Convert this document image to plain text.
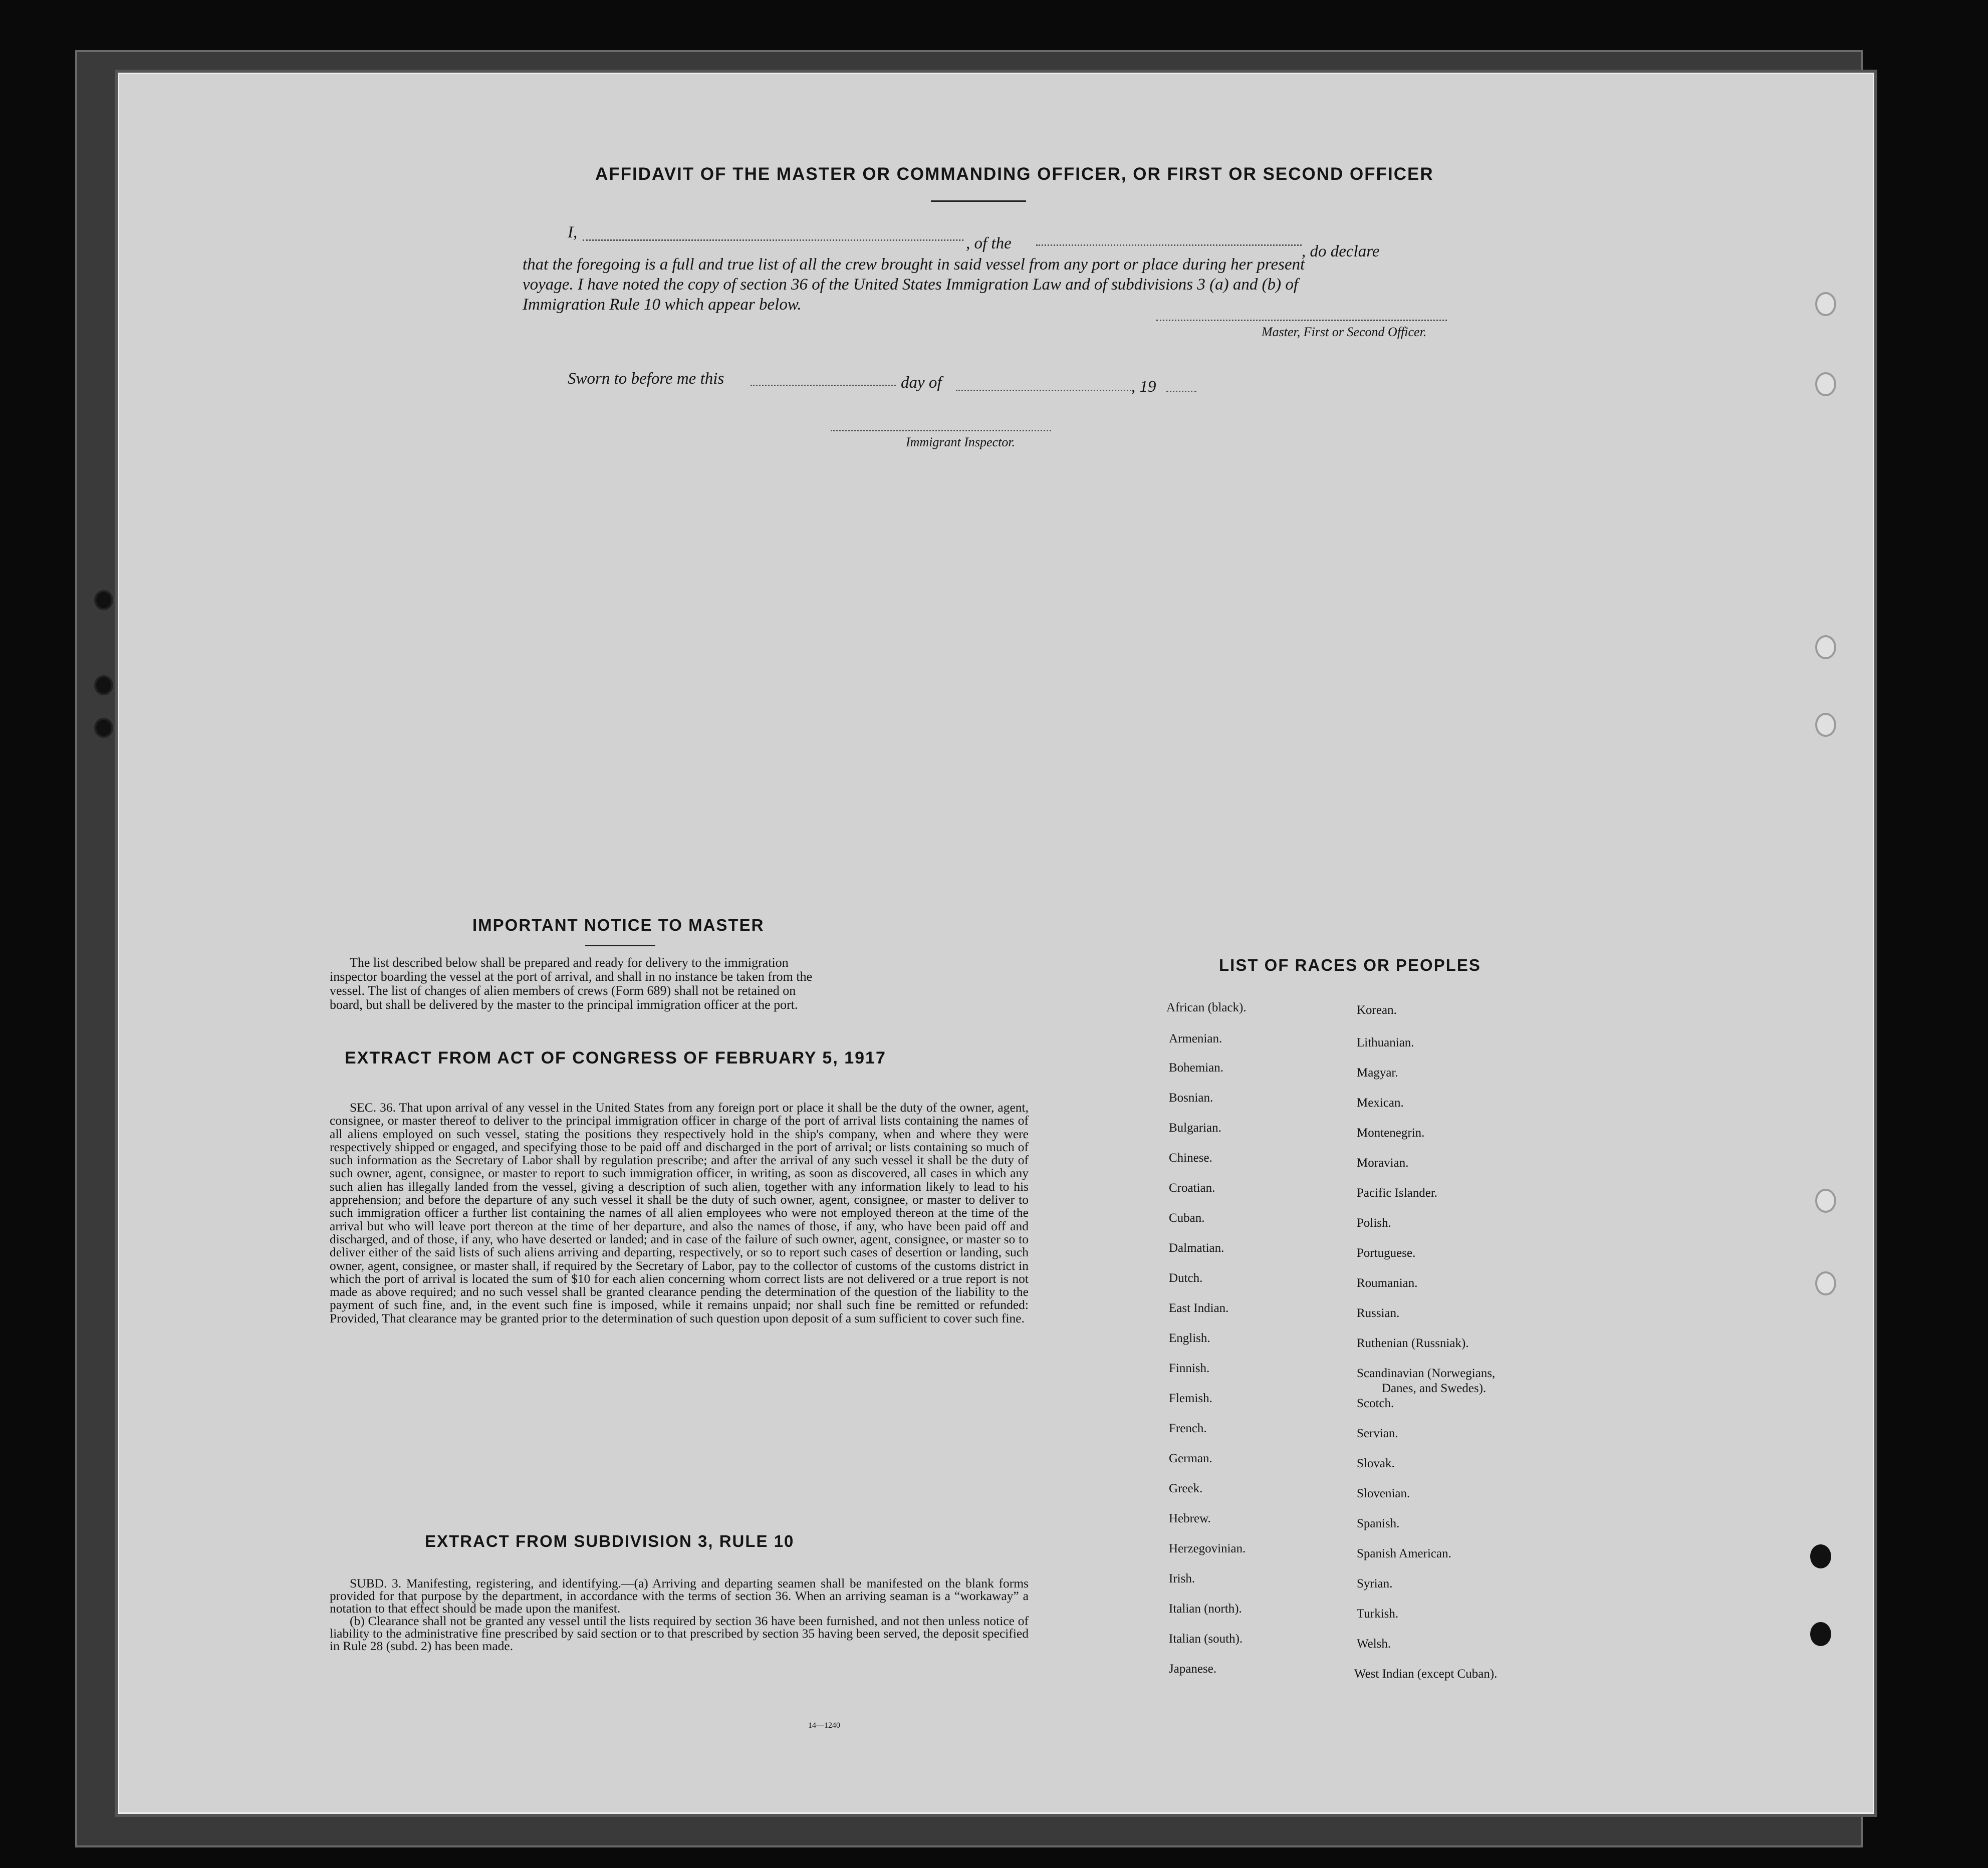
AFFIDAVIT OF THE MASTER OR COMMANDING OFFICER, OR FIRST OR SECOND OFFICER
I,
, of the	, do declare
that the foregoing is a full and true list of all the crew brought in said vessel from any port or place during her present
voyage. I have noted the copy of section 36 of the United States Immigration Law and of subdivisions 3 (a) and (b) of
Immigration Rule 10 which appear below.
Master, First or Second Officer.
Sworn to before me this	day of	, 19
Immigrant Inspector.
IMPORTANT NOTICE TO MASTER
The list described below shall be prepared and ready for delivery to the immigration
inspector boarding the vessel at the port of arrival, and shall in no instance be taken from the
vessel. The list of changes of alien members of crews (Form 689) shall not be retained on
board, but shall be delivered by the master to the principal immigration officer at the port.
EXTRACT FROM ACT OF CONGRESS OF FEBRUARY 5, 1917

SEC. 36. That upon arrival of any vessel in the United States from any foreign port or place it shall be the duty of the owner, agent, consignee, or master thereof to deliver to the principal immigration officer in charge of the port of arrival lists containing the names of all aliens employed on such vessel, stating the positions they respectively hold in the ship's company, when and where they were respectively shipped or engaged, and specifying those to be paid off and discharged in the port of arrival; or lists containing so much of such information as the Secretary of Labor shall by regulation prescribe; and after the arrival of any such vessel it shall be the duty of such owner, agent, consignee, or master to report to such immigration officer, in writing, as soon as discovered, all cases in which any such alien has illegally landed from the vessel, giving a description of such alien, together with any information likely to lead to his apprehension; and before the departure of any such vessel it shall be the duty of such owner, agent, consignee, or master to deliver to such immigration officer a further list containing the names of all alien employees who were not employed thereon at the time of the arrival but who will leave port thereon at the time of her departure, and also the names of those, if any, who have been paid off and discharged, and of those, if any, who have deserted or landed; and in case of the failure of such owner, agent, consignee, or master so to deliver either of the said lists of such aliens arriving and departing, respectively, or so to report such cases of desertion or landing, such owner, agent, consignee, or master shall, if required by the Secretary of Labor, pay to the collector of customs of the customs district in which the port of arrival is located the sum of $10 for each alien concerning whom correct lists are not delivered or a true report is not made as above required; and no such vessel shall be granted clearance pending the determination of the question of the liability to the payment of such fine, and, in the event such fine is imposed, while it remains unpaid; nor shall such fine be remitted or refunded: Provided, That clearance may be granted prior to the determination of such question upon deposit of a sum sufficient to cover such fine.

EXTRACT FROM SUBDIVISION 3, RULE 10

SUBD. 3. Manifesting, registering, and identifying.—(a) Arriving and departing seamen shall be manifested on the blank forms provided for that purpose by the department, in accordance with the terms of section 36. When an arriving seaman is a “workaway” a notation to that effect should be made upon the manifest.

(b) Clearance shall not be granted any vessel until the lists required by section 36 have been furnished, and not then unless notice of liability to the administrative fine prescribed by said section or to that prescribed by section 35 having been served, the deposit specified in Rule 28 (subd. 2) has been made.

14—1240
LIST OF RACES OR PEOPLES
African (black).
Armenian.
Bohemian.
Bosnian.
Bulgarian.
Chinese.
Croatian.
Cuban.
Dalmatian.
Dutch.
East Indian.
English.
Finnish.
Flemish.
French.
German.
Greek.
Hebrew.
Herzegovinian.
Irish.
Italian (north).
Italian (south).
Japanese.
Korean.
Lithuanian.
Magyar.
Mexican.
Montenegrin.
Moravian.
Pacific Islander.
Polish.
Portuguese.
Roumanian.
Russian.
Ruthenian (Russniak).
Scandinavian (Norwegians,
Danes, and Swedes).
Scotch.
Servian.
Slovak.
Slovenian.
Spanish.
Spanish American.
Syrian.
Turkish.
Welsh.
West Indian (except Cuban).
